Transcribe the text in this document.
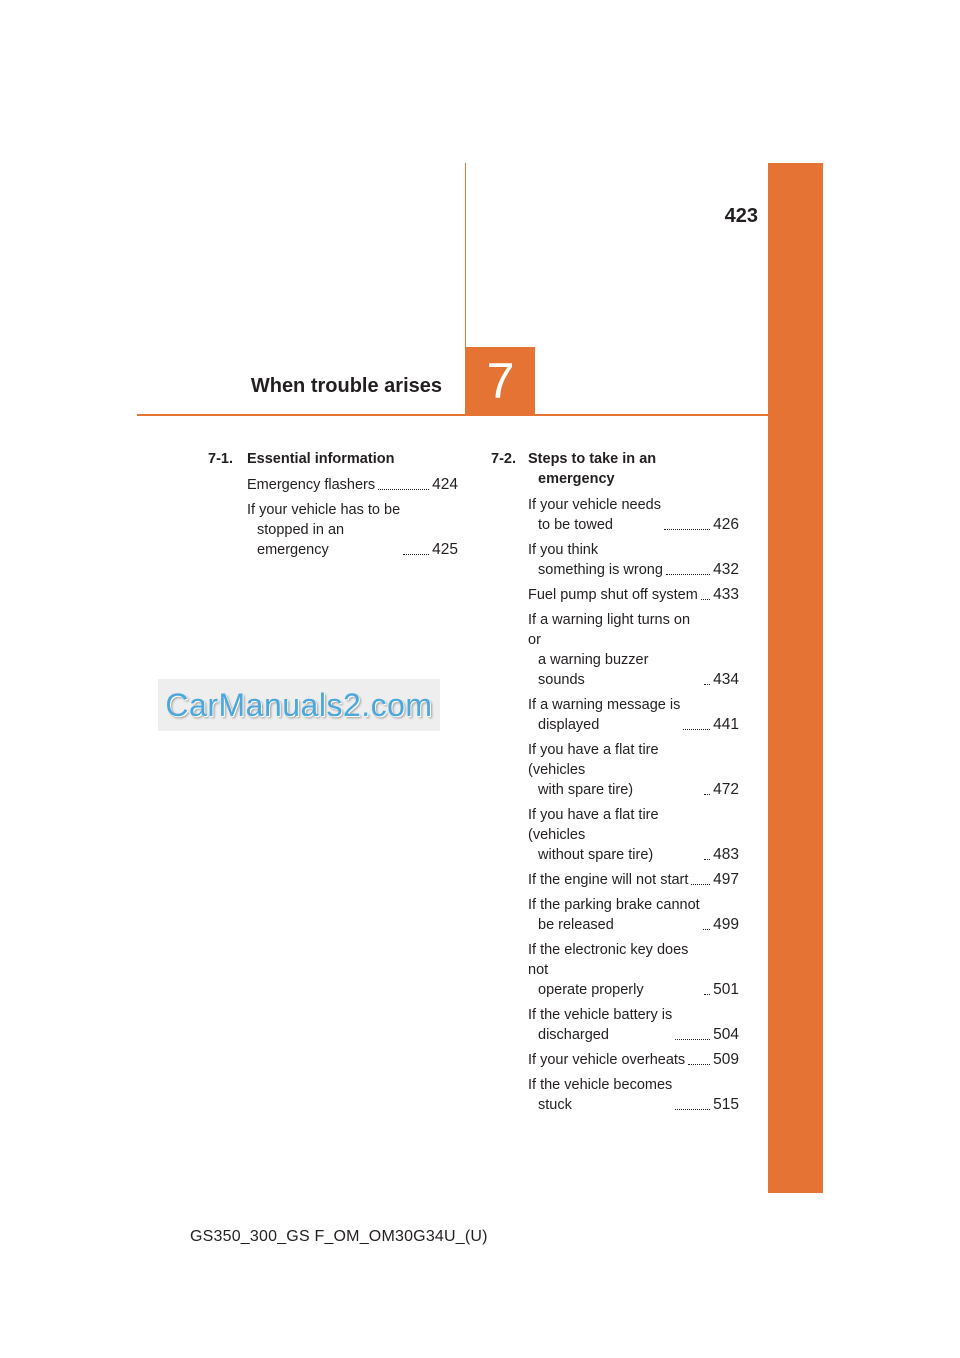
423
When trouble arises 7
7-1. Essential information
Emergency flashers	424
If your vehicle has to be
stopped in an
emergency	425
7-2. Steps to take in an
emergency
If your vehicle needs
to be towed	426
If you think
something is wrong	432
Fuel pump shut off system 433
If a warning light turns on or
a warning buzzer
sounds	434
If a warning message is
displayed	441
If you have a flat tire (vehicles
with spare tire)	472
If you have a flat tire (vehicles
without spare tire)	483
If the engine will not start 497
If the parking brake cannot
be released	499
If the electronic key does not
operate properly	501
If the vehicle battery is
discharged	504
If your vehicle overheats 509
If the vehicle becomes
stuck	515
CarManuals2.com
GS350_300_GS F_OM_OM30G34U_(U)
